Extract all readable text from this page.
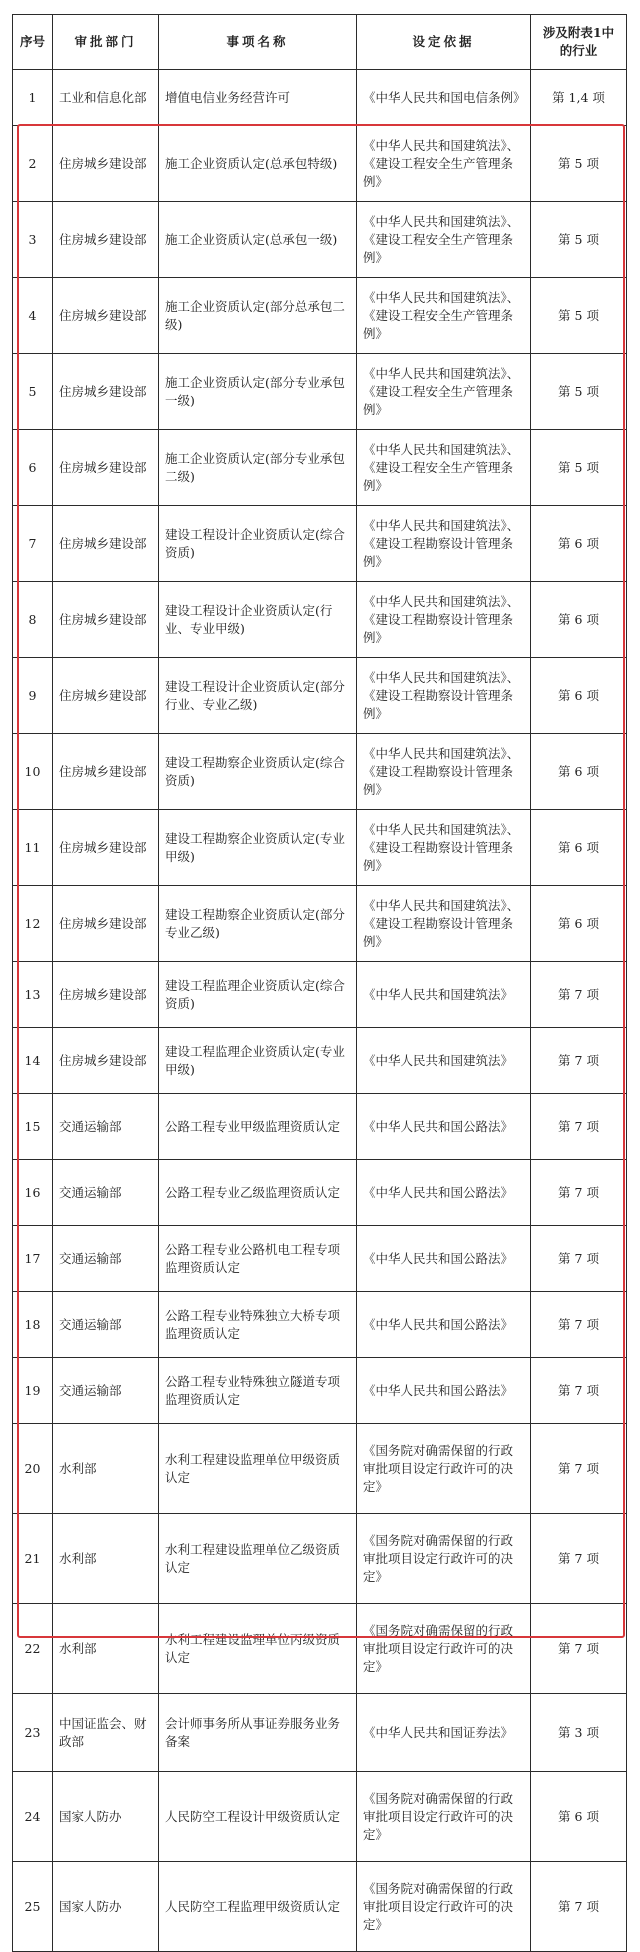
序号	审批部门	事项名称	设定依据	涉及附表1中的行业
1	工业和信息化部	增值电信业务经营许可	《中华人民共和国电信条例》	第 1,4 项
2	住房城乡建设部	施工企业资质认定(总承包特级)	《中华人民共和国建筑法》、《建设工程安全生产管理条例》	第 5 项
3	住房城乡建设部	施工企业资质认定(总承包一级)	《中华人民共和国建筑法》、《建设工程安全生产管理条例》	第 5 项
4	住房城乡建设部	施工企业资质认定(部分总承包二级)	《中华人民共和国建筑法》、《建设工程安全生产管理条例》	第 5 项
5	住房城乡建设部	施工企业资质认定(部分专业承包一级)	《中华人民共和国建筑法》、《建设工程安全生产管理条例》	第 5 项
6	住房城乡建设部	施工企业资质认定(部分专业承包二级)	《中华人民共和国建筑法》、《建设工程安全生产管理条例》	第 5 项
7	住房城乡建设部	建设工程设计企业资质认定(综合资质)	《中华人民共和国建筑法》、《建设工程勘察设计管理条例》	第 6 项
8	住房城乡建设部	建设工程设计企业资质认定(行业、专业甲级)	《中华人民共和国建筑法》、《建设工程勘察设计管理条例》	第 6 项
9	住房城乡建设部	建设工程设计企业资质认定(部分行业、专业乙级)	《中华人民共和国建筑法》、《建设工程勘察设计管理条例》	第 6 项
10	住房城乡建设部	建设工程勘察企业资质认定(综合资质)	《中华人民共和国建筑法》、《建设工程勘察设计管理条例》	第 6 项
11	住房城乡建设部	建设工程勘察企业资质认定(专业甲级)	《中华人民共和国建筑法》、《建设工程勘察设计管理条例》	第 6 项
12	住房城乡建设部	建设工程勘察企业资质认定(部分专业乙级)	《中华人民共和国建筑法》、《建设工程勘察设计管理条例》	第 6 项
13	住房城乡建设部	建设工程监理企业资质认定(综合资质)	《中华人民共和国建筑法》	第 7 项
14	住房城乡建设部	建设工程监理企业资质认定(专业甲级)	《中华人民共和国建筑法》	第 7 项
15	交通运输部	公路工程专业甲级监理资质认定	《中华人民共和国公路法》	第 7 项
16	交通运输部	公路工程专业乙级监理资质认定	《中华人民共和国公路法》	第 7 项
17	交通运输部	公路工程专业公路机电工程专项监理资质认定	《中华人民共和国公路法》	第 7 项
18	交通运输部	公路工程专业特殊独立大桥专项监理资质认定	《中华人民共和国公路法》	第 7 项
19	交通运输部	公路工程专业特殊独立隧道专项监理资质认定	《中华人民共和国公路法》	第 7 项
20	水利部	水利工程建设监理单位甲级资质认定	《国务院对确需保留的行政审批项目设定行政许可的决定》	第 7 项
21	水利部	水利工程建设监理单位乙级资质认定	《国务院对确需保留的行政审批项目设定行政许可的决定》	第 7 项
22	水利部	水利工程建设监理单位丙级资质认定	《国务院对确需保留的行政审批项目设定行政许可的决定》	第 7 项
23	中国证监会、财政部	会计师事务所从事证券服务业务备案	《中华人民共和国证券法》	第 3 项
24	国家人防办	人民防空工程设计甲级资质认定	《国务院对确需保留的行政审批项目设定行政许可的决定》	第 6 项
25	国家人防办	人民防空工程监理甲级资质认定	《国务院对确需保留的行政审批项目设定行政许可的决定》	第 7 项
